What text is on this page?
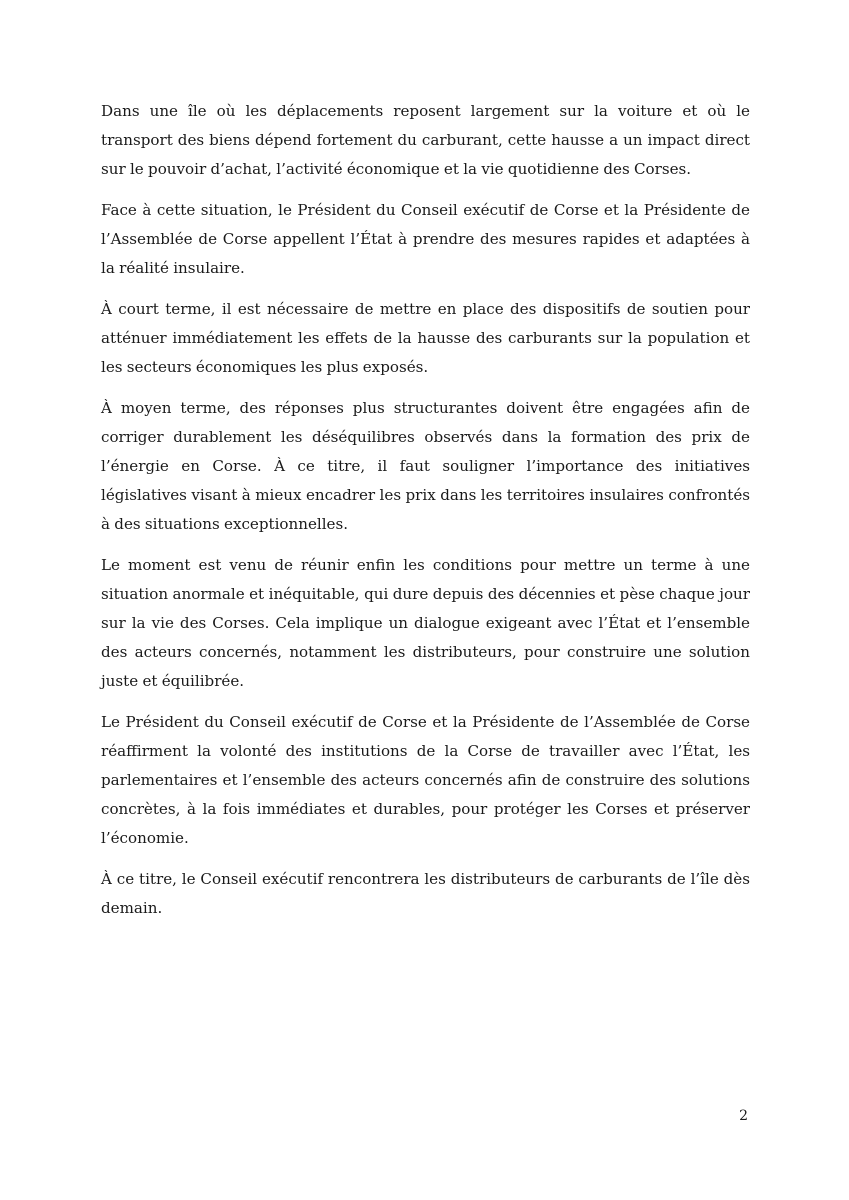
Dans une île où les déplacements reposent largement sur la voiture et où le transport des biens dépend fortement du carburant, cette hausse a un impact direct sur le pouvoir d’achat, l’activité économique et la vie quotidienne des Corses.

Face à cette situation, le Président du Conseil exécutif de Corse et la Présidente de l’Assemblée de Corse appellent l’État à prendre des mesures rapides et adaptées à la réalité insulaire.

À court terme, il est nécessaire de mettre en place des dispositifs de soutien pour atténuer immédiatement les effets de la hausse des carburants sur la population et les secteurs économiques les plus exposés.

À moyen terme, des réponses plus structurantes doivent être engagées afin de corriger durablement les déséquilibres observés dans la formation des prix de l’énergie en Corse. À ce titre, il faut souligner l’importance des initiatives législatives visant à mieux encadrer les prix dans les territoires insulaires confrontés à des situations exceptionnelles.

Le moment est venu de réunir enfin les conditions pour mettre un terme à une situation anormale et inéquitable, qui dure depuis des décennies et pèse chaque jour sur la vie des Corses. Cela implique un dialogue exigeant avec l’État et l’ensemble des acteurs concernés, notamment les distributeurs, pour construire une solution juste et équilibrée.

Le Président du Conseil exécutif de Corse et la Présidente de l’Assemblée de Corse réaffirment la volonté des institutions de la Corse de travailler avec l’État, les parlementaires et l’ensemble des acteurs concernés afin de construire des solutions concrètes, à la fois immédiates et durables, pour protéger les Corses et préserver l’économie.

À ce titre, le Conseil exécutif rencontrera les distributeurs de carburants de l’île dès demain.

2
